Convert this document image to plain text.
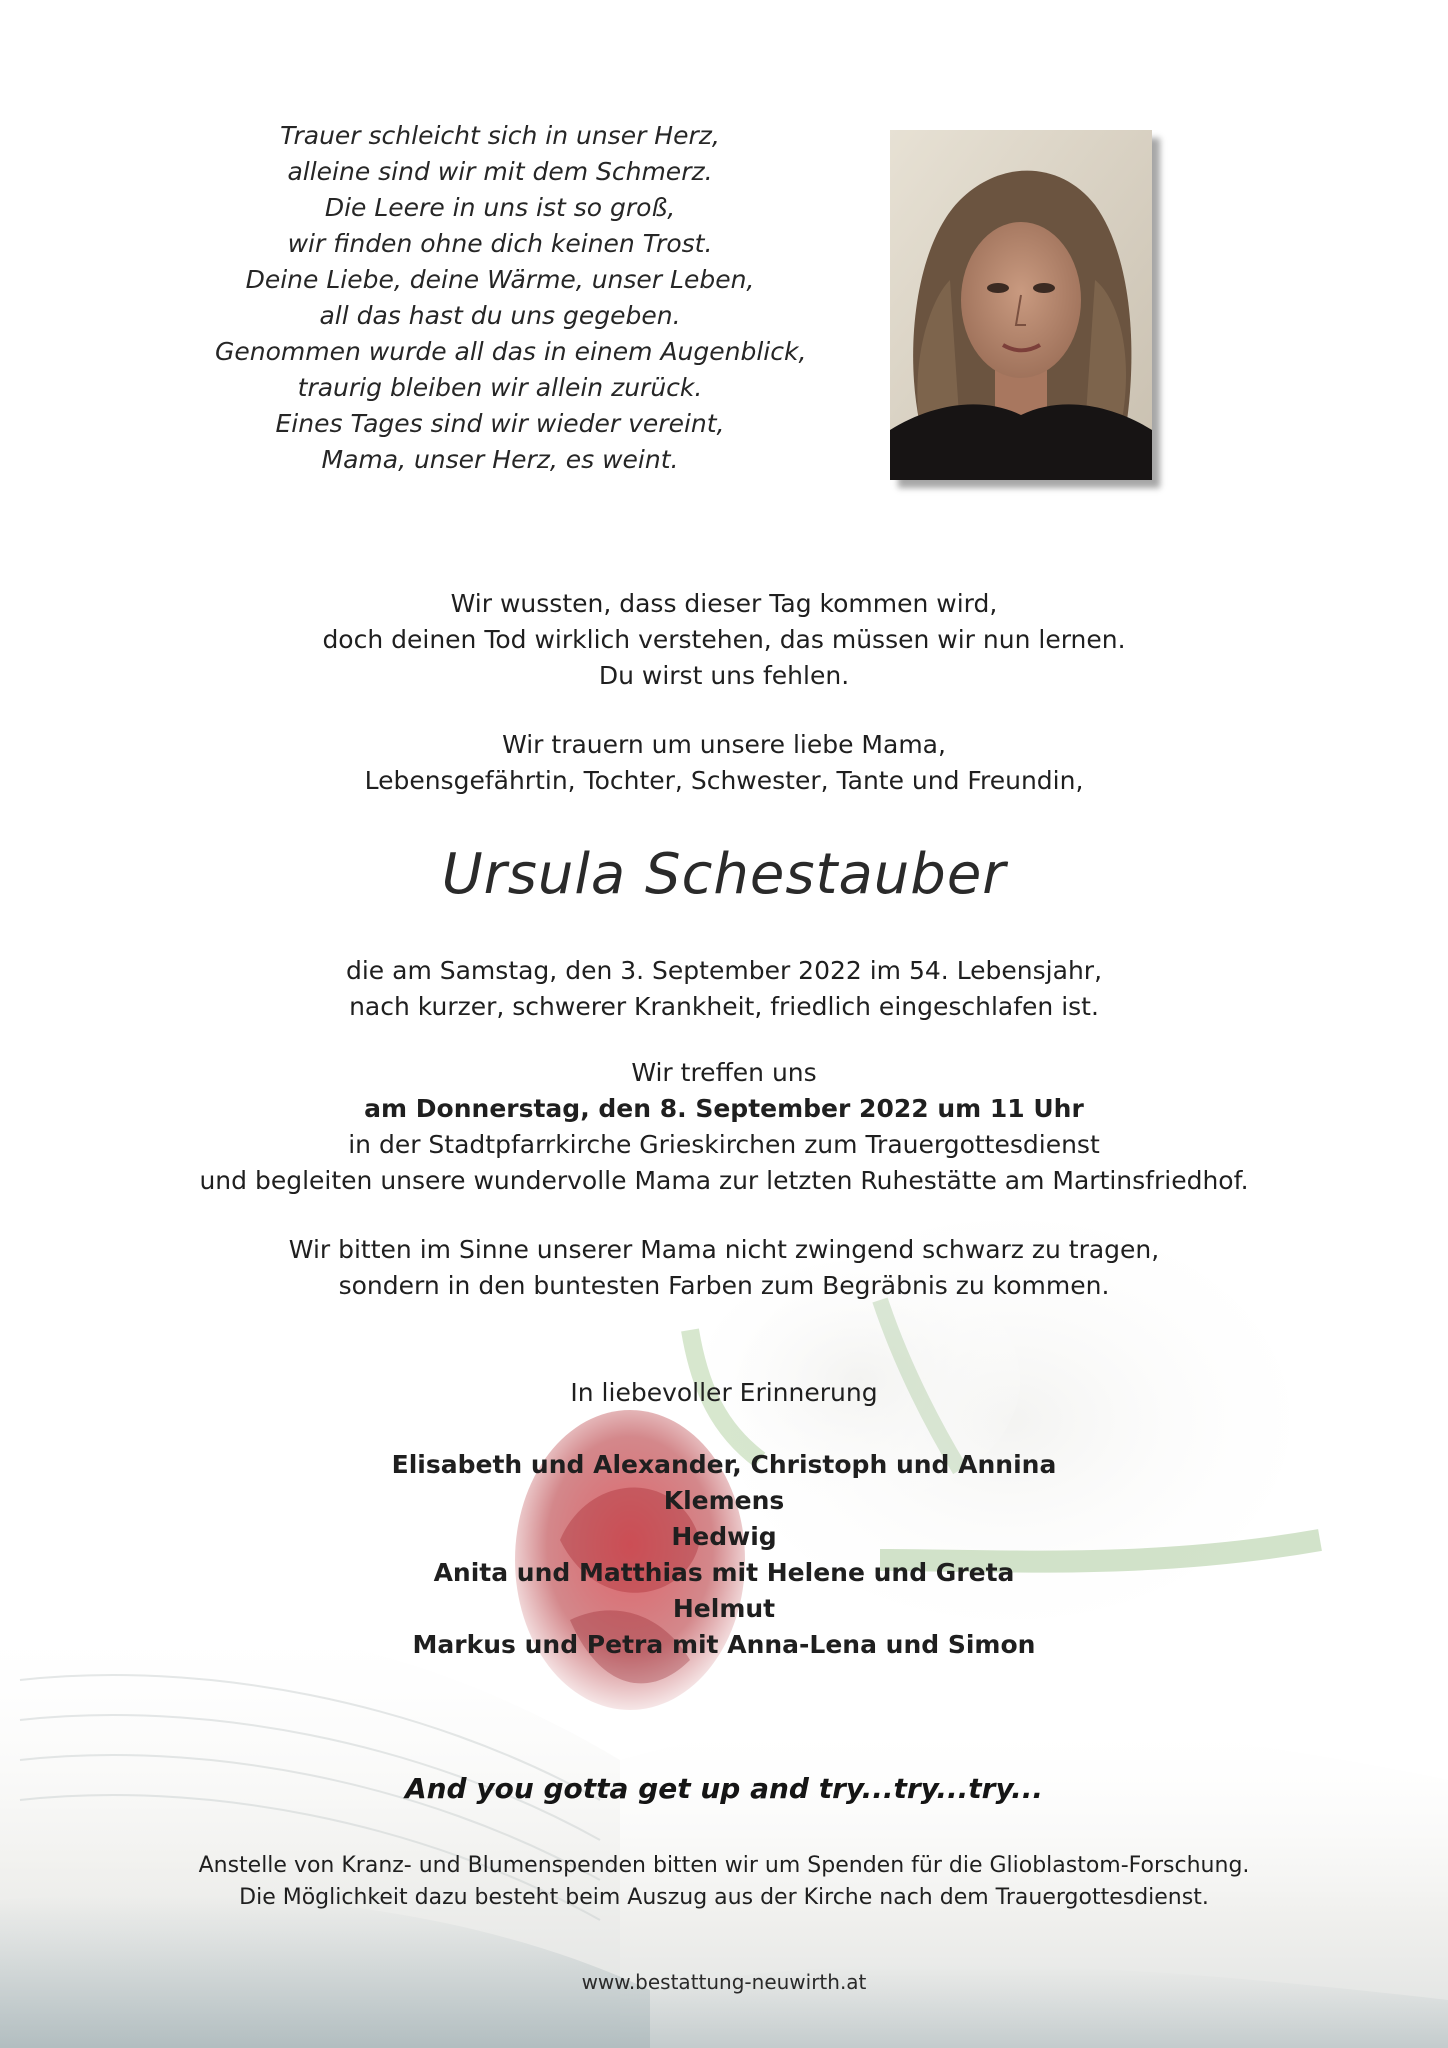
Trauer schleicht sich in unser Herz,
alleine sind wir mit dem Schmerz.
Die Leere in uns ist so groß,
wir finden ohne dich keinen Trost.
Deine Liebe, deine Wärme, unser Leben,
all das hast du uns gegeben.
Genommen wurde all das in einem Augenblick,
traurig bleiben wir allein zurück.
Eines Tages sind wir wieder vereint,
Mama, unser Herz, es weint.
Wir wussten, dass dieser Tag kommen wird,
doch deinen Tod wirklich verstehen, das müssen wir nun lernen.
Du wirst uns fehlen.
Wir trauern um unsere liebe Mama,
Lebensgefährtin, Tochter, Schwester, Tante und Freundin,
Ursula Schestauber
die am Samstag, den 3. September 2022 im 54. Lebensjahr,
nach kurzer, schwerer Krankheit, friedlich eingeschlafen ist.
Wir treffen uns
am Donnerstag, den 8. September 2022 um 11 Uhr
in der Stadtpfarrkirche Grieskirchen zum Trauergottesdienst
und begleiten unsere wundervolle Mama zur letzten Ruhestätte am Martinsfriedhof.
Wir bitten im Sinne unserer Mama nicht zwingend schwarz zu tragen,
sondern in den buntesten Farben zum Begräbnis zu kommen.
In liebevoller Erinnerung
Elisabeth und Alexander, Christoph und Annina
Klemens
Hedwig
Anita und Matthias mit Helene und Greta
Helmut
Markus und Petra mit Anna-Lena und Simon
And you gotta get up and try...try...try...
Anstelle von Kranz- und Blumenspenden bitten wir um Spenden für die Glioblastom-Forschung.
Die Möglichkeit dazu besteht beim Auszug aus der Kirche nach dem Trauergottesdienst.
www.bestattung-neuwirth.at
